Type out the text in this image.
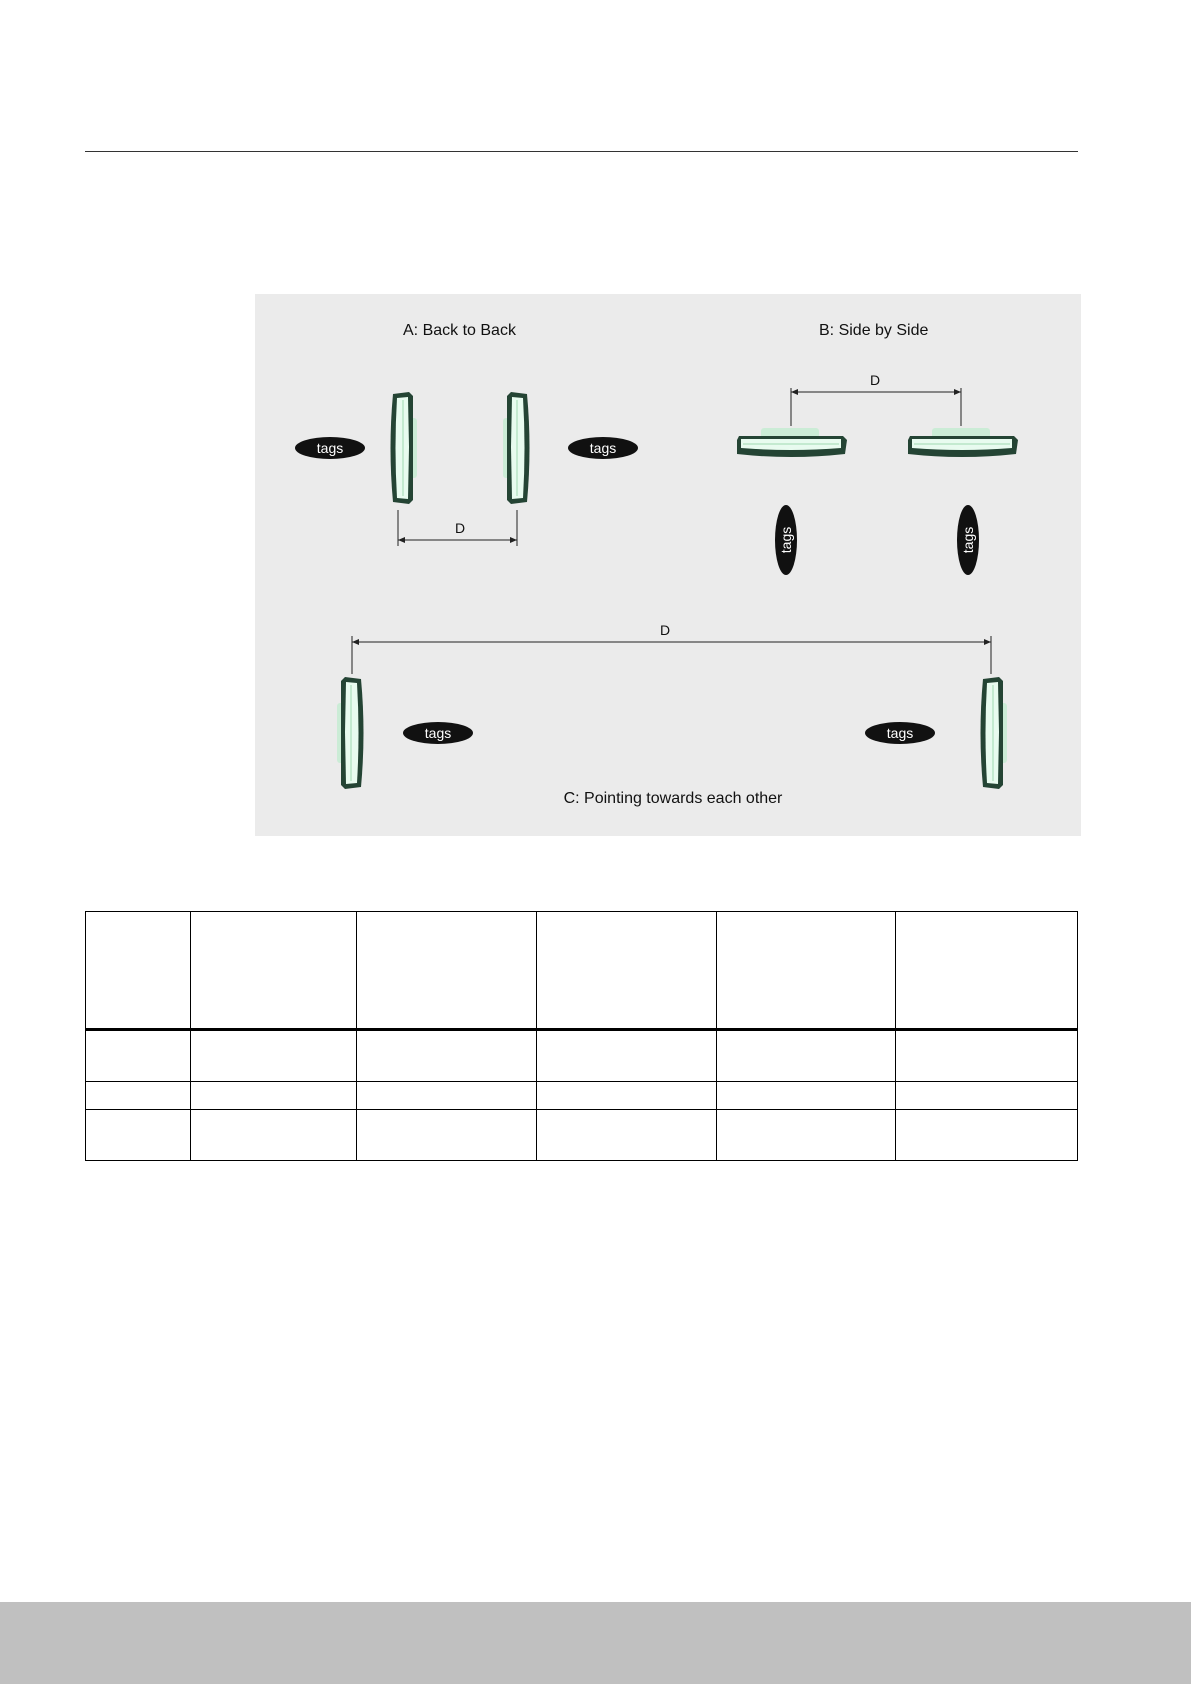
A: Back to Back
tags	tags
D
B: Side by Side
D
tags	tags
D
tags	tags
C: Pointing towards each other
